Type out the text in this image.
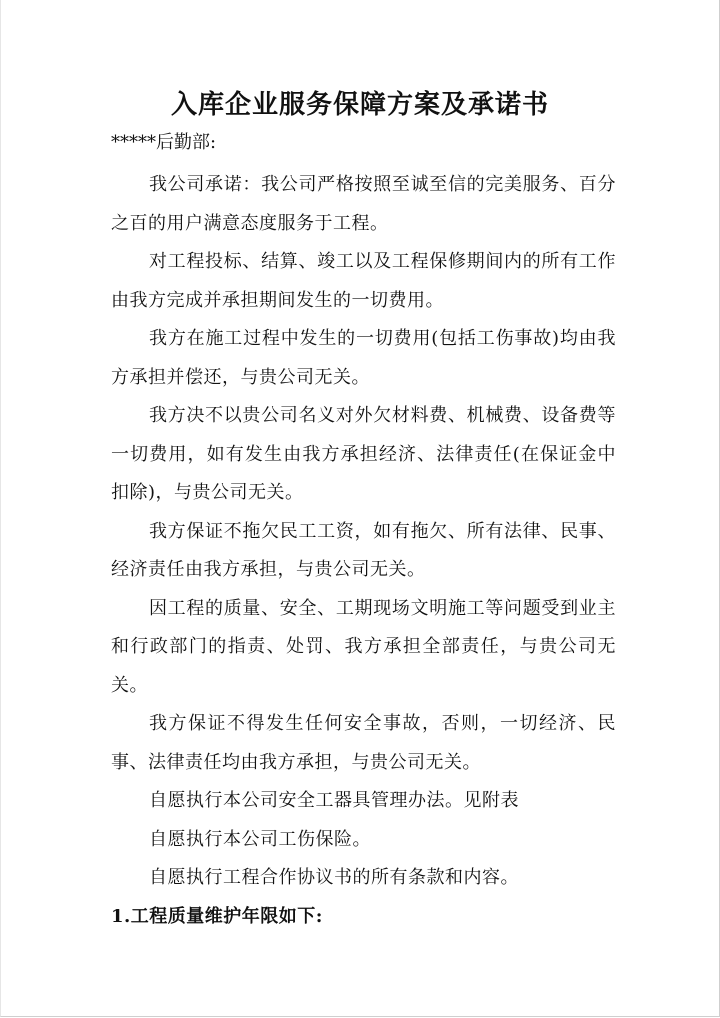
入库企业服务保障方案及承诺书
*****后勤部:

我公司承诺：我公司严格按照至诚至信的完美服务、百分之百的用户满意态度服务于工程。

对工程投标、结算、竣工以及工程保修期间内的所有工作由我方完成并承担期间发生的一切费用。

我方在施工过程中发生的一切费用(包括工伤事故)均由我方承担并偿还，与贵公司无关。

我方决不以贵公司名义对外欠材料费、机械费、设备费等一切费用，如有发生由我方承担经济、法律责任(在保证金中扣除)，与贵公司无关。

我方保证不拖欠民工工资，如有拖欠、所有法律、民事、经济责任由我方承担，与贵公司无关。

因工程的质量、安全、工期现场文明施工等问题受到业主和行政部门的指责、处罚、我方承担全部责任，与贵公司无关。

我方保证不得发生任何安全事故，否则，一切经济、民事、法律责任均由我方承担，与贵公司无关。

自愿执行本公司安全工器具管理办法。见附表

自愿执行本公司工伤保险。

自愿执行工程合作协议书的所有条款和内容。

1.工程质量维护年限如下:
